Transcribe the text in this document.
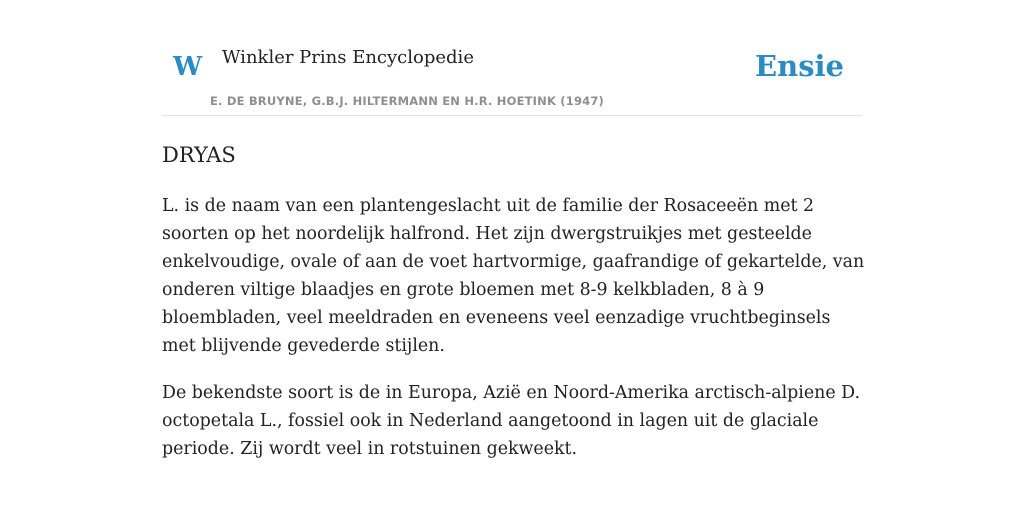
W Winkler Prins Encyclopedie
E. DE BRUYNE, G.B.J. HILTERMANN EN H.R. HOETINK (1947)
Ensie
DRYAS

L. is de naam van een plantengeslacht uit de familie der Rosaceeën met 2 soorten op het noordelijk halfrond. Het zijn dwergstruikjes met gesteelde enkelvoudige, ovale of aan de voet hartvormige, gaafrandige of gekartelde, van onderen viltige blaadjes en grote bloemen met 8-9 kelkbladen, 8 à 9 bloembladen, veel meeldraden en eveneens veel eenzadige vruchtbeginsels met blijvende gevederde stijlen.

De bekendste soort is de in Europa, Azië en Noord-Amerika arctisch-alpiene D. octopetala L., fossiel ook in Nederland aangetoond in lagen uit de glaciale periode. Zij wordt veel in rotstuinen gekweekt.
